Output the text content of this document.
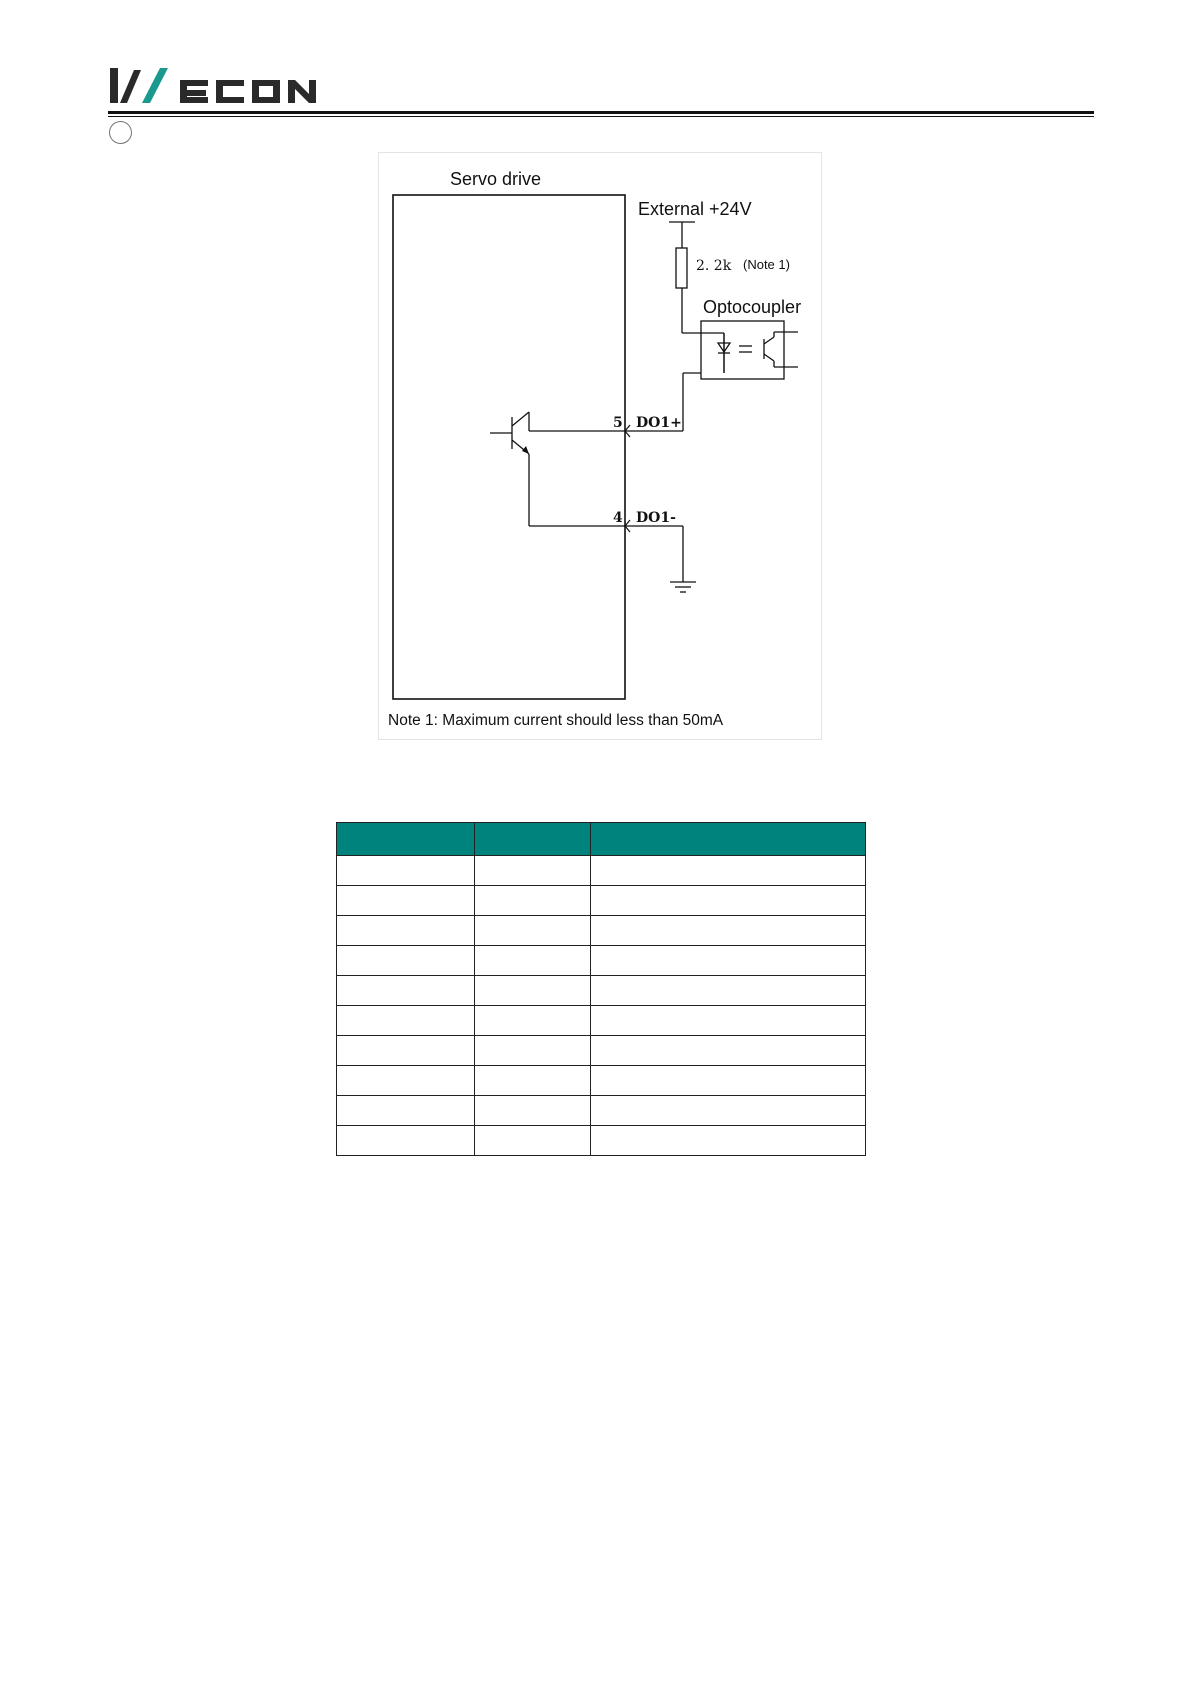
WECON
Servo drive
External +24V
2. 2k (Note 1)
Optocoupler
5 DO1+
4 DO1-
Note 1: Maximum current should less than 50mA
